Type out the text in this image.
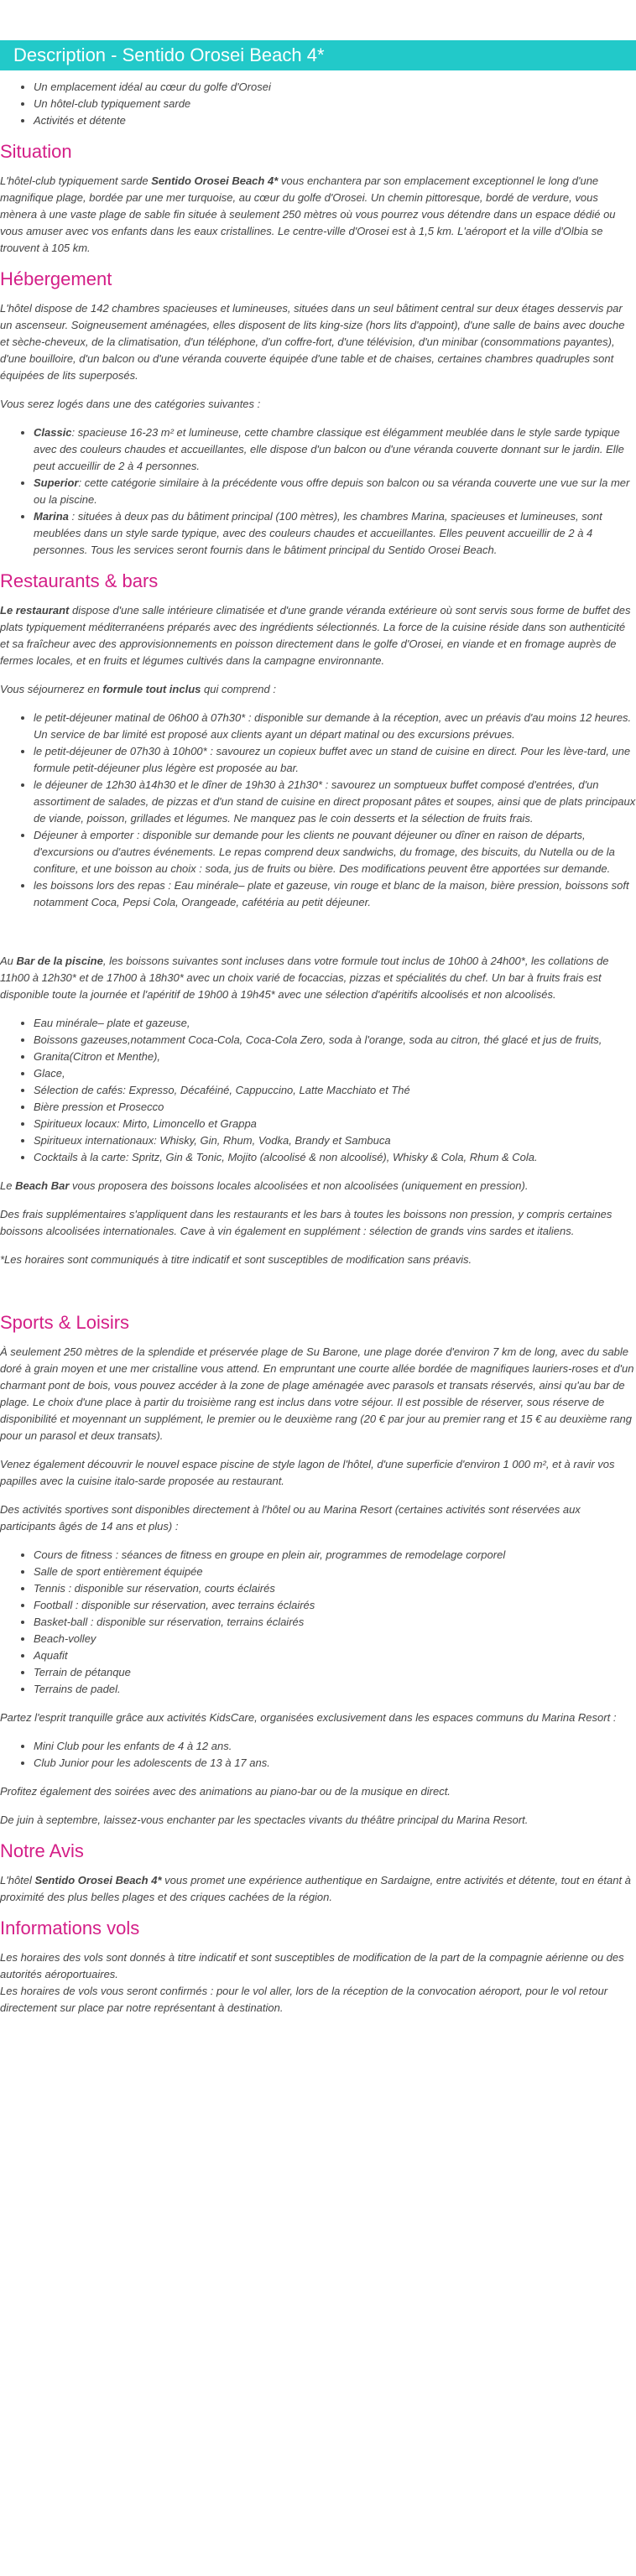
Description - Sentido Orosei Beach 4*
• Un emplacement idéal au cœur du golfe d'Orosei
• Un hôtel-club typiquement sarde
• Activités et détente
Situation

L'hôtel-club typiquement sarde Sentido Orosei Beach 4* vous enchantera par son emplacement exceptionnel le long d'une magnifique plage, bordée par une mer turquoise, au cœur du golfe d'Orosei. Un chemin pittoresque, bordé de verdure, vous mènera à une vaste plage de sable fin située à seulement 250 mètres où vous pourrez vous détendre dans un espace dédié ou vous amuser avec vos enfants dans les eaux cristallines. Le centre-ville d'Orosei est à 1,5 km. L'aéroport et la ville d'Olbia se trouvent à 105 km.

Hébergement

L'hôtel dispose de 142 chambres spacieuses et lumineuses, situées dans un seul bâtiment central sur deux étages desservis par un ascenseur. Soigneusement aménagées, elles disposent de lits king-size (hors lits d'appoint), d'une salle de bains avec douche et sèche-cheveux, de la climatisation, d'un téléphone, d'un coffre-fort, d'une télévision, d'un minibar (consommations payantes), d'une bouilloire, d'un balcon ou d'une véranda couverte équipée d'une table et de chaises, certaines chambres quadruples sont équipées de lits superposés.

Vous serez logés dans une des catégories suivantes :

• Classic: spacieuse 16-23 m² et lumineuse, cette chambre classique est élégamment meublée dans le style sarde typique avec des couleurs chaudes et accueillantes, elle dispose d'un balcon ou d'une véranda couverte donnant sur le jardin. Elle peut accueillir de 2 à 4 personnes.
• Superior: cette catégorie similaire à la précédente vous offre depuis son balcon ou sa véranda couverte une vue sur la mer ou la piscine.
• Marina : situées à deux pas du bâtiment principal (100 mètres), les chambres Marina, spacieuses et lumineuses, sont meublées dans un style sarde typique, avec des couleurs chaudes et accueillantes. Elles peuvent accueillir de 2 à 4 personnes. Tous les services seront fournis dans le bâtiment principal du Sentido Orosei Beach.
Restaurants & bars

Le restaurant dispose d'une salle intérieure climatisée et d'une grande véranda extérieure où sont servis sous forme de buffet des plats typiquement méditerranéens préparés avec des ingrédients sélectionnés. La force de la cuisine réside dans son authenticité et sa fraîcheur avec des approvisionnements en poisson directement dans le golfe d'Orosei, en viande et en fromage auprès de fermes locales, et en fruits et légumes cultivés dans la campagne environnante.

Vous séjournerez en formule tout inclus qui comprend :

• le petit-déjeuner matinal de 06h00 à 07h30* : disponible sur demande à la réception, avec un préavis d'au moins 12 heures. Un service de bar limité est proposé aux clients ayant un départ matinal ou des excursions prévues.
• le petit-déjeuner de 07h30 à 10h00* : savourez un copieux buffet avec un stand de cuisine en direct. Pour les lève-tard, une formule petit-déjeuner plus légère est proposée au bar.
• le déjeuner de 12h30 à14h30 et le dîner de 19h30 à 21h30* : savourez un somptueux buffet composé d'entrées, d'un assortiment de salades, de pizzas et d'un stand de cuisine en direct proposant pâtes et soupes, ainsi que de plats principaux de viande, poisson, grillades et légumes. Ne manquez pas le coin desserts et la sélection de fruits frais.
• Déjeuner à emporter : disponible sur demande pour les clients ne pouvant déjeuner ou dîner en raison de départs, d'excursions ou d'autres événements. Le repas comprend deux sandwichs, du fromage, des biscuits, du Nutella ou de la confiture, et une boisson au choix : soda, jus de fruits ou bière. Des modifications peuvent être apportées sur demande.
• les boissons lors des repas : Eau minérale– plate et gazeuse, vin rouge et blanc de la maison, bière pression, boissons soft notamment Coca, Pepsi Cola, Orangeade, cafétéria au petit déjeuner.

Au Bar de la piscine, les boissons suivantes sont incluses dans votre formule tout inclus de 10h00 à 24h00*, les collations de 11h00 à 12h30* et de 17h00 à 18h30* avec un choix varié de focaccias, pizzas et spécialités du chef. Un bar à fruits frais est disponible toute la journée et l'apéritif de 19h00 à 19h45* avec une sélection d'apéritifs alcoolisés et non alcoolisés.

• Eau minérale– plate et gazeuse,
• Boissons gazeuses,notamment Coca-Cola, Coca-Cola Zero, soda à l'orange, soda au citron, thé glacé et jus de fruits,
• Granita(Citron et Menthe),
• Glace,
• Sélection de cafés: Expresso, Décaféiné, Cappuccino, Latte Macchiato et Thé
• Bière pression et Prosecco
• Spiritueux locaux: Mirto, Limoncello et Grappa
• Spiritueux internationaux: Whisky, Gin, Rhum, Vodka, Brandy et Sambuca
• Cocktails à la carte: Spritz, Gin & Tonic, Mojito (alcoolisé & non alcoolisé), Whisky & Cola, Rhum & Cola.

Le Beach Bar vous proposera des boissons locales alcoolisées et non alcoolisées (uniquement en pression).

Des frais supplémentaires s'appliquent dans les restaurants et les bars à toutes les boissons non pression, y compris certaines boissons alcoolisées internationales. Cave à vin également en supplément : sélection de grands vins sardes et italiens.

*Les horaires sont communiqués à titre indicatif et sont susceptibles de modification sans préavis.

Sports & Loisirs

À seulement 250 mètres de la splendide et préservée plage de Su Barone, une plage dorée d'environ 7 km de long, avec du sable doré à grain moyen et une mer cristalline vous attend. En empruntant une courte allée bordée de magnifiques lauriers-roses et d'un charmant pont de bois, vous pouvez accéder à la zone de plage aménagée avec parasols et transats réservés, ainsi qu'au bar de plage. Le choix d'une place à partir du troisième rang est inclus dans votre séjour. Il est possible de réserver, sous réserve de disponibilité et moyennant un supplément, le premier ou le deuxième rang (20 € par jour au premier rang et 15 € au deuxième rang pour un parasol et deux transats).

Venez également découvrir le nouvel espace piscine de style lagon de l'hôtel, d'une superficie d'environ 1 000 m², et à ravir vos papilles avec la cuisine italo-sarde proposée au restaurant.

Des activités sportives sont disponibles directement à l'hôtel ou au Marina Resort (certaines activités sont réservées aux participants âgés de 14 ans et plus) :

• Cours de fitness : séances de fitness en groupe en plein air, programmes de remodelage corporel
• Salle de sport entièrement équipée
• Tennis : disponible sur réservation, courts éclairés
• Football : disponible sur réservation, avec terrains éclairés
• Basket-ball : disponible sur réservation, terrains éclairés
• Beach-volley
• Aquafit
• Terrain de pétanque
• Terrains de padel.

Partez l'esprit tranquille grâce aux activités KidsCare, organisées exclusivement dans les espaces communs du Marina Resort :

• Mini Club pour les enfants de 4 à 12 ans.
• Club Junior pour les adolescents de 13 à 17 ans.

Profitez également des soirées avec des animations au piano-bar ou de la musique en direct.

De juin à septembre, laissez-vous enchanter par les spectacles vivants du théâtre principal du Marina Resort.

Notre Avis

L'hôtel Sentido Orosei Beach 4* vous promet une expérience authentique en Sardaigne, entre activités et détente, tout en étant à proximité des plus belles plages et des criques cachées de la région.

Informations vols

Les horaires des vols sont donnés à titre indicatif et sont susceptibles de modification de la part de la compagnie aérienne ou des autorités aéroportuaires.

Les horaires de vols vous seront confirmés : pour le vol aller, lors de la réception de la convocation aéroport, pour le vol retour directement sur place par notre représentant à destination.
